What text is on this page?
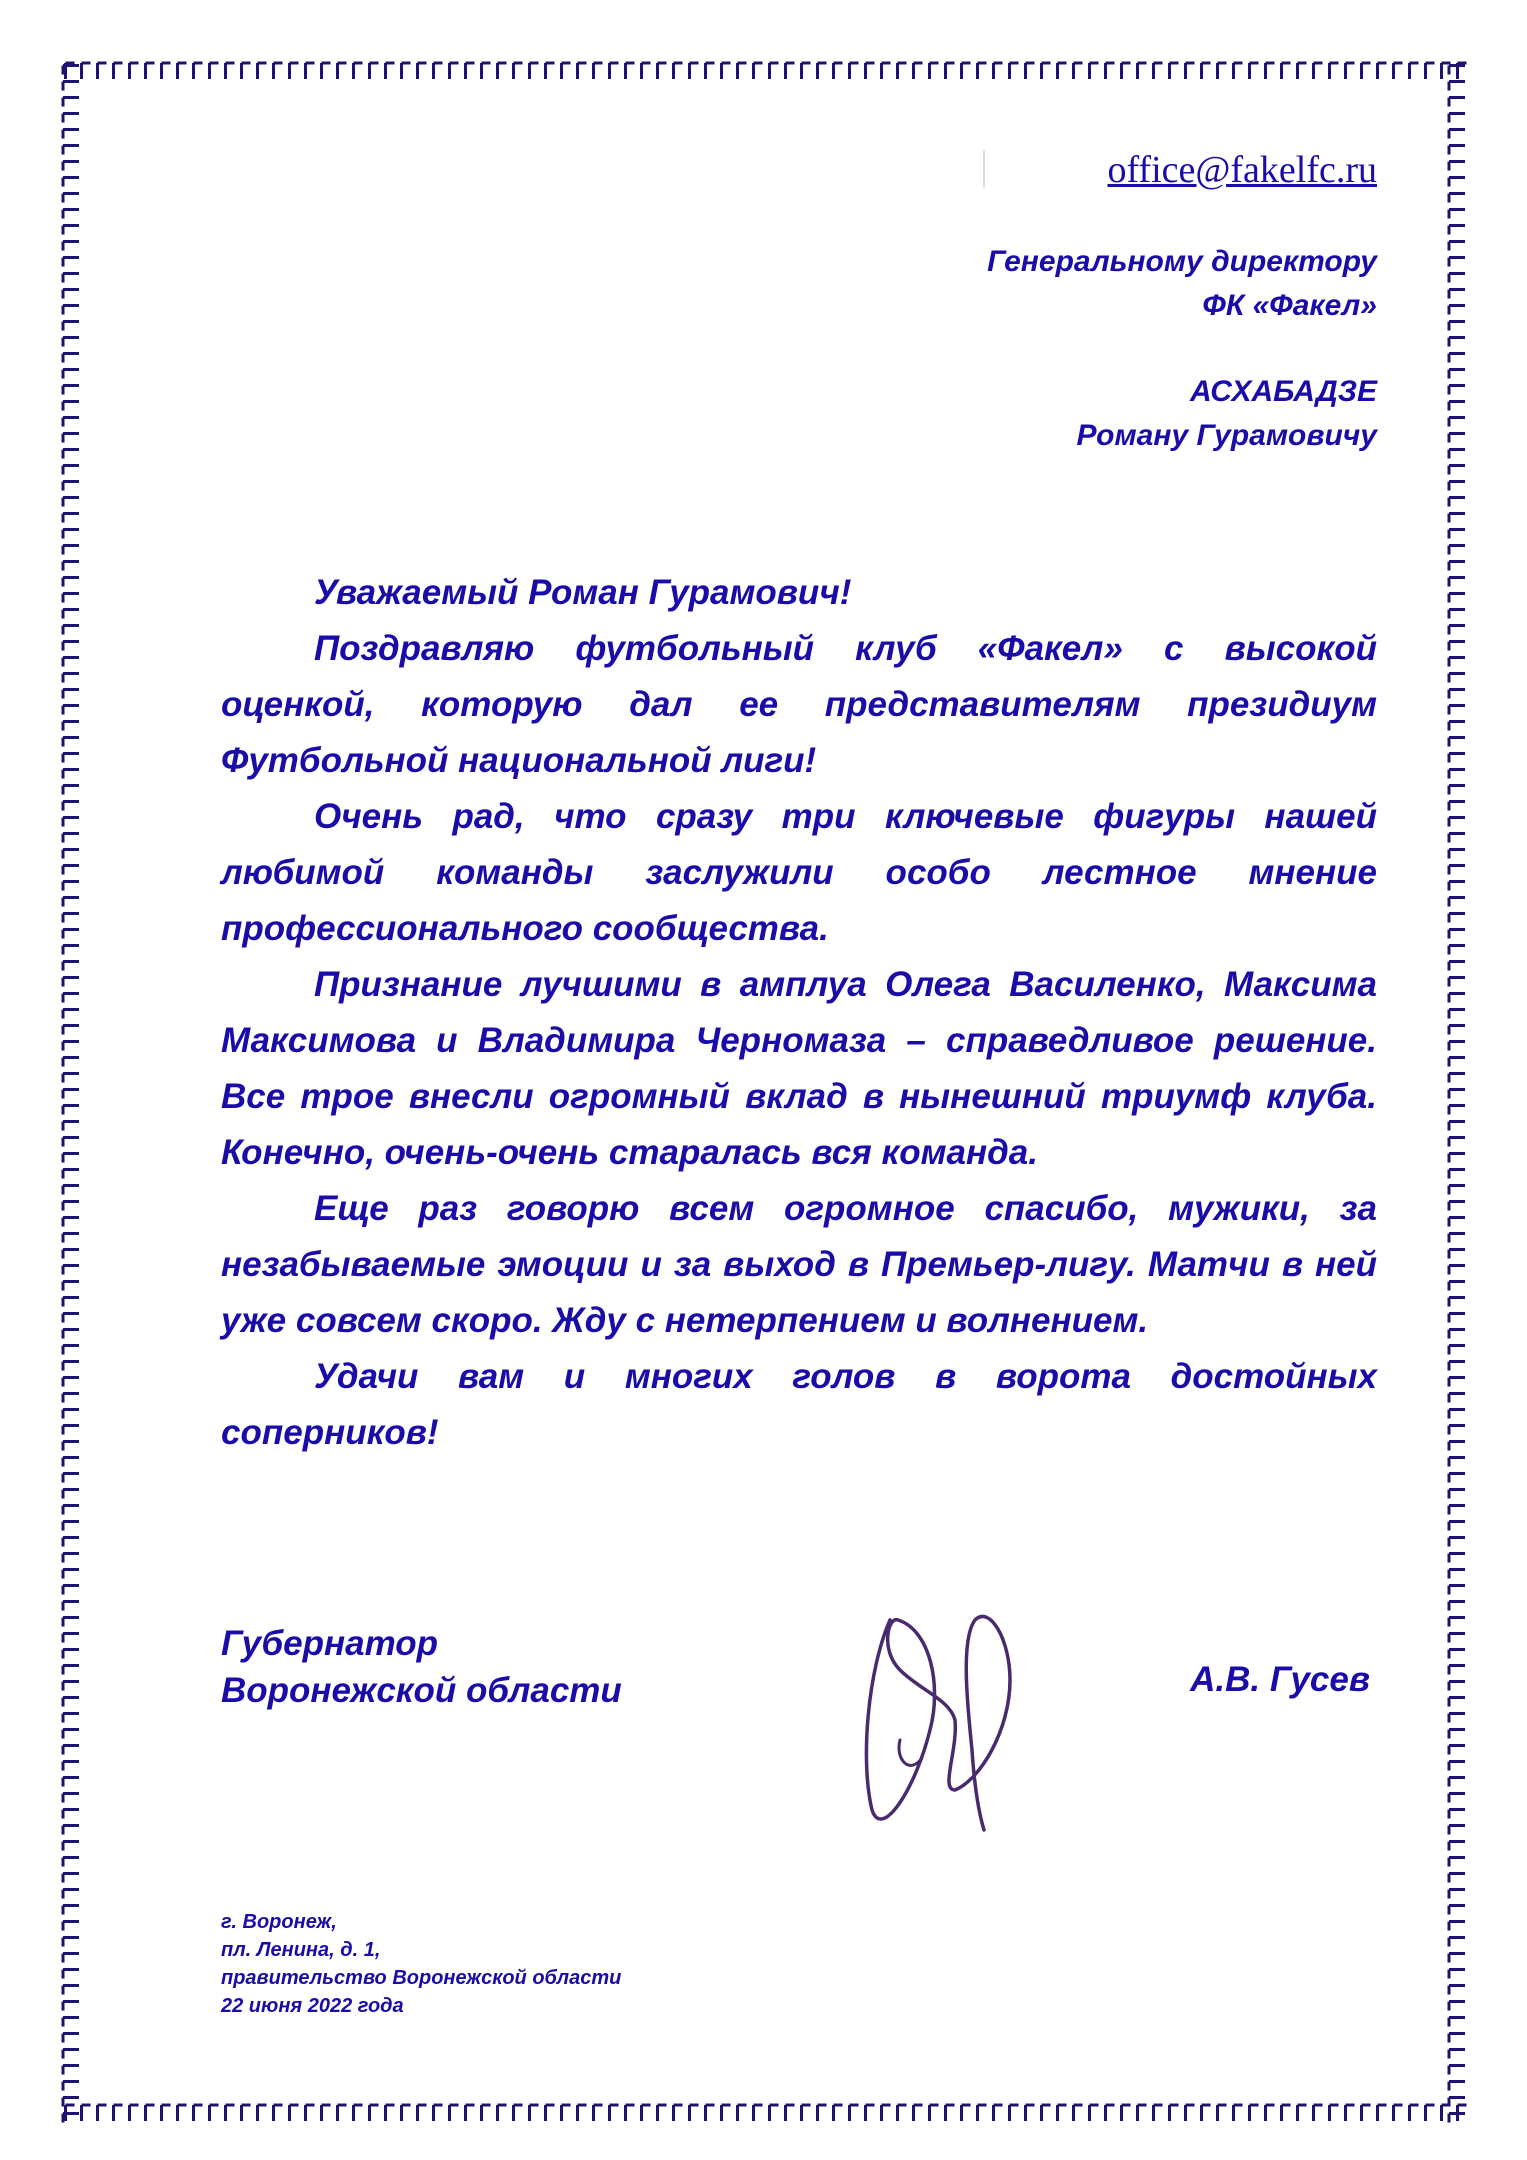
office@fakelfc.ru
Генеральному директору
ФК «Факел»
АСХАБАДЗЕ
Роману Гурамовичу

Уважаемый Роман Гурамович!

Поздравляю футбольный клуб «Факел» с высокой оценкой, которую дал ее представителям президиум Футбольной национальной лиги!

Очень рад, что сразу три ключевые фигуры нашей любимой команды заслужили особо лестное мнение профессионального сообщества.

Признание лучшими в амплуа Олега Василенко, Максима Максимова и Владимира Черномаза – справедливое решение. Все трое внесли огромный вклад в нынешний триумф клуба. Конечно, очень-очень старалась вся команда.

Еще раз говорю всем огромное спасибо, мужики, за незабываемые эмоции и за выход в Премьер-лигу. Матчи в ней уже совсем скоро. Жду с нетерпением и волнением.

Удачи вам и многих голов в ворота достойных соперников!

Губернатор
Воронежской области	А.В. Гусев
г. Воронеж,
пл. Ленина, д. 1,
правительство Воронежской области
22 июня 2022 года
